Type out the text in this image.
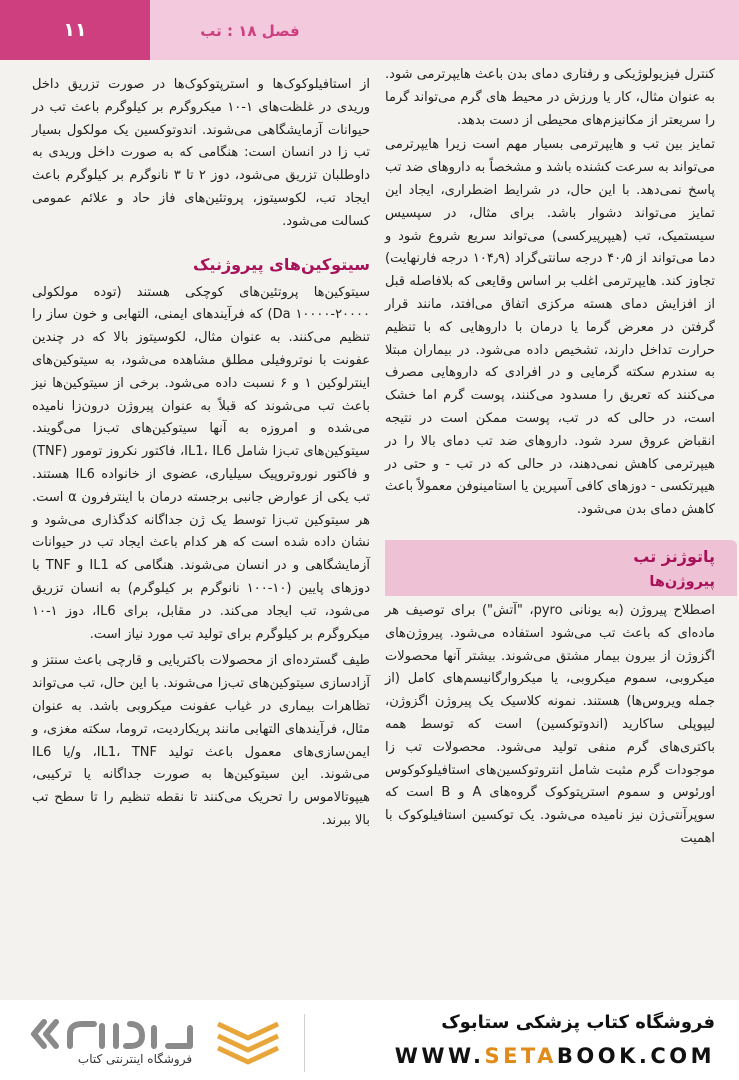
۱۱	فصل ۱۸ : تب

کنترل فیزیولوژیکی و رفتاری دمای بدن باعث هایپرترمی شود. به عنوان مثال، کار یا ورزش در محیط های گرم می‌تواند گرما را سریعتر از مکانیزم‌های محیطی از دست بدهد.

تمایز بین تب و هایپرترمی بسیار مهم است زیرا هایپرترمی می‌تواند به سرعت کشنده باشد و مشخصاً به داروهای ضد تب پاسخ نمی‌دهد. با این حال، در شرایط اضطراری، ایجاد این تمایز می‌تواند دشوار باشد. برای مثال، در سپسیس سیستمیک، تب (هیپرپیرکسی) می‌تواند سریع شروع شود و دما می‌تواند از ۴۰٫۵ درجه سانتی‌گراد (۱۰۴٫۹ درجه فارنهایت) تجاوز کند. هایپرترمی اغلب بر اساس وقایعی که بلافاصله قبل از افزایش دمای هسته مرکزی اتفاق می‌افتد، مانند قرار گرفتن در معرض گرما یا درمان با داروهایی که با تنظیم حرارت تداخل دارند، تشخیص داده می‌شود. در بیماران مبتلا به سندرم سکته گرمایی و در افرادی که داروهایی مصرف می‌کنند که تعریق را مسدود می‌کنند، پوست گرم اما خشک است، در حالی که در تب، پوست ممکن است در نتیجه انقباض عروق سرد شود. داروهای ضد تب دمای بالا را در هیپرترمی کاهش نمی‌دهند، در حالی که در تب - و حتی در هیپرتکسی - دوزهای کافی آسپرین یا استامینوفن معمولاً باعث کاهش دمای بدن می‌شود.

پاتوژنز تب
پیروژن‌ها

اصطلاح پیروژن (به یونانی pyro، "آتش") برای توصیف هر ماده‌ای که باعث تب می‌شود استفاده می‌شود. پیروژن‌های اگزوژن از بیرون بیمار مشتق می‌شوند. بیشتر آنها محصولات میکروبی، سموم میکروبی، یا میکروارگانیسم‌های کامل (از جمله ویروس‌ها) هستند. نمونه کلاسیک یک پیروژن اگزوژن، لیپوپلی ساکارید (اندوتوکسین) است که توسط همه باکتری‌های گرم منفی تولید می‌شود. محصولات تب زا موجودات گرم مثبت شامل انتروتوکسین‌های استافیلوکوکوس اورئوس و سموم استرپتوکوک گروه‌های A و B است که سوپرآنتی‌ژن نیز نامیده می‌شود. یک توکسین استافیلوکوک با اهمیت

از استافیلوکوک‌ها و استرپتوکوک‌ها در صورت تزریق داخل وریدی در غلظت‌های ۱-۱۰ میکروگرم بر کیلوگرم باعث تب در حیوانات آزمایشگاهی می‌شوند. اندوتوکسین یک مولکول بسیار تب زا در انسان است: هنگامی که به صورت داخل وریدی به داوطلبان تزریق می‌شود، دوز ۲ تا ۳ نانوگرم بر کیلوگرم باعث ایجاد تب، لکوسیتوز، پروتئین‌های فاز حاد و علائم عمومی کسالت می‌شود.

سیتوکین‌های پیروژنیک

سیتوکین‌ها پروتئین‌های کوچکی هستند (توده مولکولی ۲۰۰۰۰-۱۰۰۰۰ Da) که فرآیندهای ایمنی، التهابی و خون ساز را تنظیم می‌کنند. به عنوان مثال، لکوسیتوز بالا که در چندین عفونت با نوتروفیلی مطلق مشاهده می‌شود، به سیتوکین‌های اینترلوکین ۱ و ۶ نسبت داده می‌شود. برخی از سیتوکین‌ها نیز باعث تب می‌شوند که قبلاً به عنوان پیروژن درون‌زا نامیده می‌شده و امروزه به آنها سیتوکین‌های تب‌زا می‌گویند. سیتوکین‌های تب‌زا شامل IL1، IL6، فاکتور نکروز تومور (TNF) و فاکتور نوروتروپیک سیلیاری، عضوی از خانواده IL6 هستند. تب یکی از عوارض جانبی برجسته درمان با اینترفرون α است. هر سیتوکین تب‌زا توسط یک ژن جداگانه کدگذاری می‌شود و نشان داده شده است که هر کدام باعث ایجاد تب در حیوانات آزمایشگاهی و در انسان می‌شوند. هنگامی که IL1 و TNF با دوزهای پایین (۱۰-۱۰۰ نانوگرم بر کیلوگرم) به انسان تزریق می‌شود، تب ایجاد می‌کند. در مقابل، برای IL6، دوز ۱-۱۰ میکروگرم بر کیلوگرم برای تولید تب مورد نیاز است.

طیف گسترده‌ای از محصولات باکتریایی و قارچی باعث سنتز و آزادسازی سیتوکین‌های تب‌زا می‌شوند. با این حال، تب می‌تواند تظاهرات بیماری در غیاب عفونت میکروبی باشد. به عنوان مثال، فرآیندهای التهابی مانند پریکاردیت، تروما، سکته مغزی، و ایمن‌سازی‌های معمول باعث تولید IL1، TNF، و/یا IL6 می‌شوند. این سیتوکین‌ها به صورت جداگانه یا ترکیبی، هیپوتالاموس را تحریک می‌کنند تا نقطه تنظیم را تا سطح تب بالا ببرند.

فروشگاه کتاب پزشکی ستابوک
WWW.SETABOOK.COM
فروشگاه اینترنتی کتاب
